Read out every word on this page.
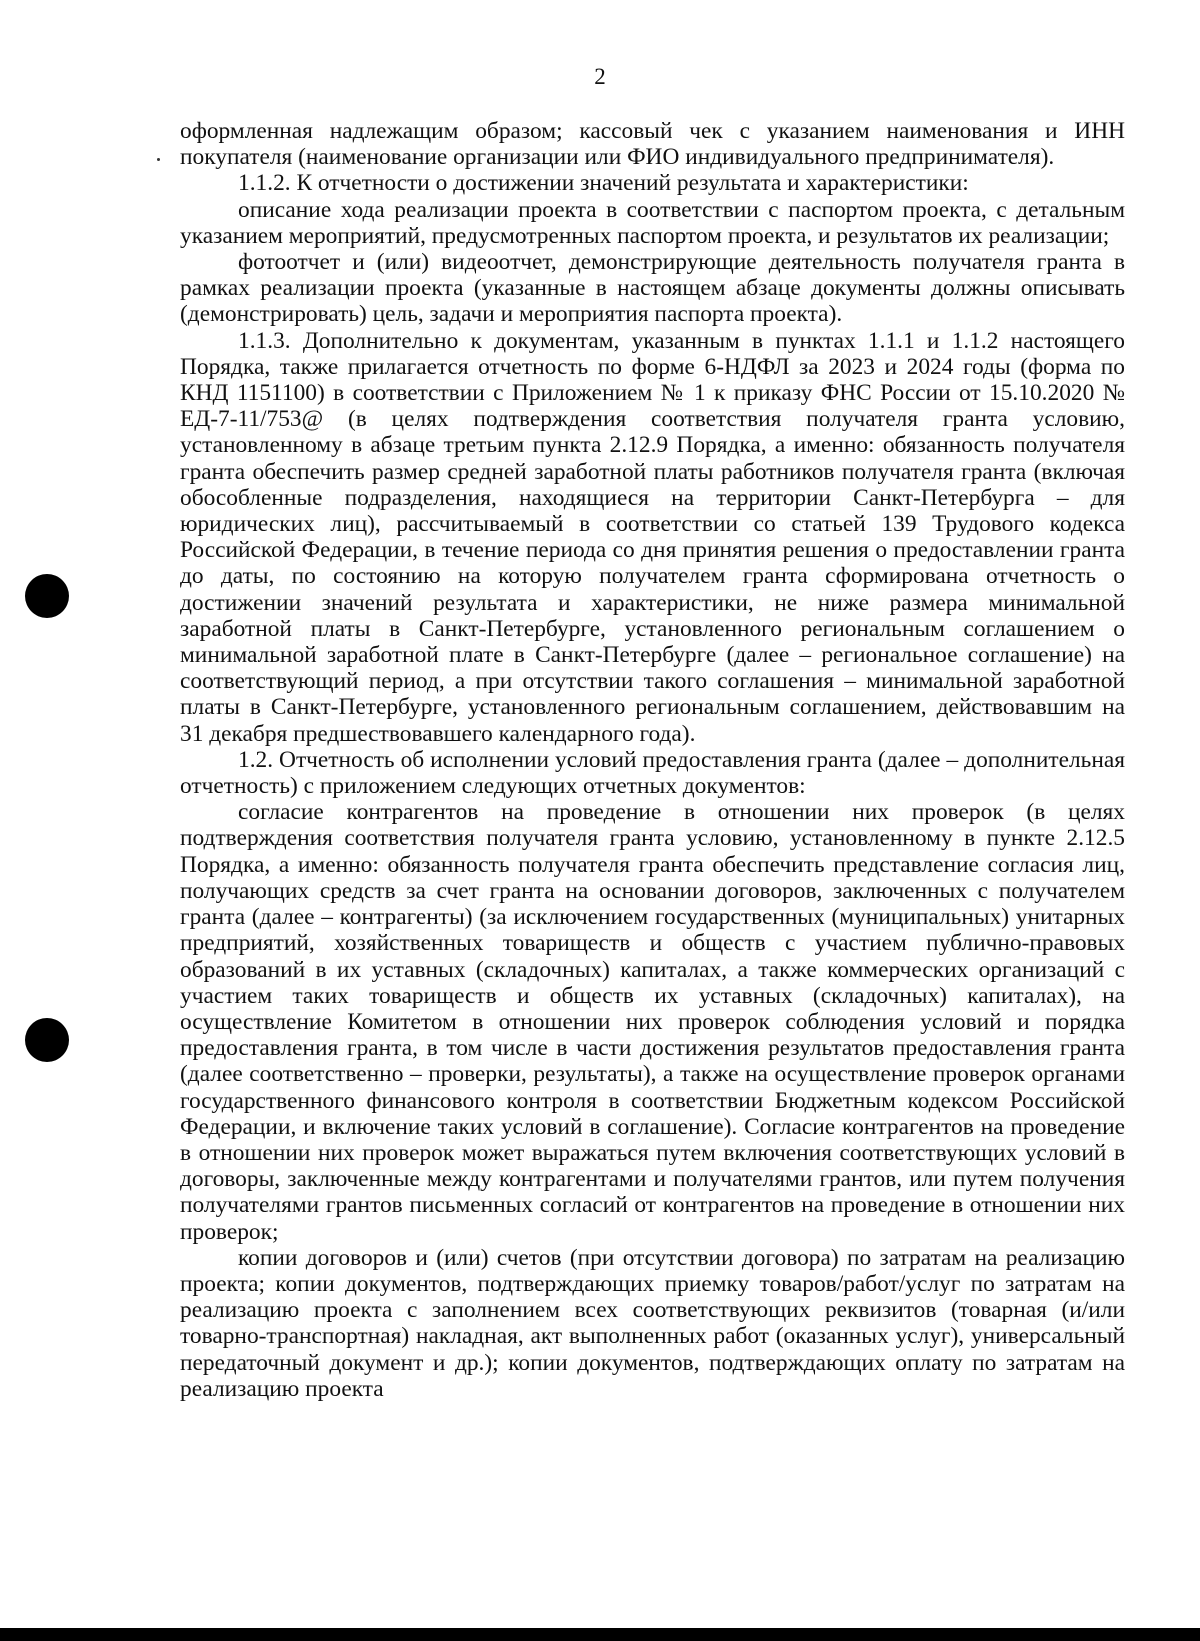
2

оформленная надлежащим образом; кассовый чек с указанием наименования и ИНН покупателя (наименование организации или ФИО индивидуального предпринимателя).

1.1.2. К отчетности о достижении значений результата и характеристики:

описание хода реализации проекта в соответствии с паспортом проекта, с детальным указанием мероприятий, предусмотренных паспортом проекта, и результатов их реализации;

фотоотчет и (или) видеоотчет, демонстрирующие деятельность получателя гранта в рамках реализации проекта (указанные в настоящем абзаце документы должны описывать (демонстрировать) цель, задачи и мероприятия паспорта проекта).

1.1.3. Дополнительно к документам, указанным в пунктах 1.1.1 и 1.1.2 настоящего Порядка, также прилагается отчетность по форме 6-НДФЛ за 2023 и 2024 годы (форма по КНД 1151100) в соответствии с Приложением № 1 к приказу ФНС России от 15.10.2020 № ЕД-7-11/753@ (в целях подтверждения соответствия получателя гранта условию, установленному в абзаце третьим пункта 2.12.9 Порядка, а именно: обязанность получателя гранта обеспечить размер средней заработной платы работников получателя гранта (включая обособленные подразделения, находящиеся на территории Санкт-Петербурга – для юридических лиц), рассчитываемый в соответствии со статьей 139 Трудового кодекса Российской Федерации, в течение периода со дня принятия решения о предоставлении гранта до даты, по состоянию на которую получателем гранта сформирована отчетность о достижении значений результата и характеристики, не ниже размера минимальной заработной платы в Санкт-Петербурге, установленного региональным соглашением о минимальной заработной плате в Санкт-Петербурге (далее – региональное соглашение) на соответствующий период, а при отсутствии такого соглашения – минимальной заработной платы в Санкт-Петербурге, установленного региональным соглашением, действовавшим на 31 декабря предшествовавшего календарного года).

1.2. Отчетность об исполнении условий предоставления гранта (далее – дополнительная отчетность) с приложением следующих отчетных документов:

согласие контрагентов на проведение в отношении них проверок (в целях подтверждения соответствия получателя гранта условию, установленному в пункте 2.12.5 Порядка, а именно: обязанность получателя гранта обеспечить представление согласия лиц, получающих средств за счет гранта на основании договоров, заключенных с получателем гранта (далее – контрагенты) (за исключением государственных (муниципальных) унитарных предприятий, хозяйственных товариществ и обществ с участием публично-правовых образований в их уставных (складочных) капиталах, а также коммерческих организаций с участием таких товариществ и обществ их уставных (складочных) капиталах), на осуществление Комитетом в отношении них проверок соблюдения условий и порядка предоставления гранта, в том числе в части достижения результатов предоставления гранта (далее соответственно – проверки, результаты), а также на осуществление проверок органами государственного финансового контроля в соответствии Бюджетным кодексом Российской Федерации, и включение таких условий в соглашение). Согласие контрагентов на проведение в отношении них проверок может выражаться путем включения соответствующих условий в договоры, заключенные между контрагентами и получателями грантов, или путем получения получателями грантов письменных согласий от контрагентов на проведение в отношении них проверок;

копии договоров и (или) счетов (при отсутствии договора) по затратам на реализацию проекта; копии документов, подтверждающих приемку товаров/работ/услуг по затратам на реализацию проекта с заполнением всех соответствующих реквизитов (товарная (и/или товарно-транспортная) накладная, акт выполненных работ (оказанных услуг), универсальный передаточный документ и др.); копии документов, подтверждающих оплату по затратам на реализацию проекта
